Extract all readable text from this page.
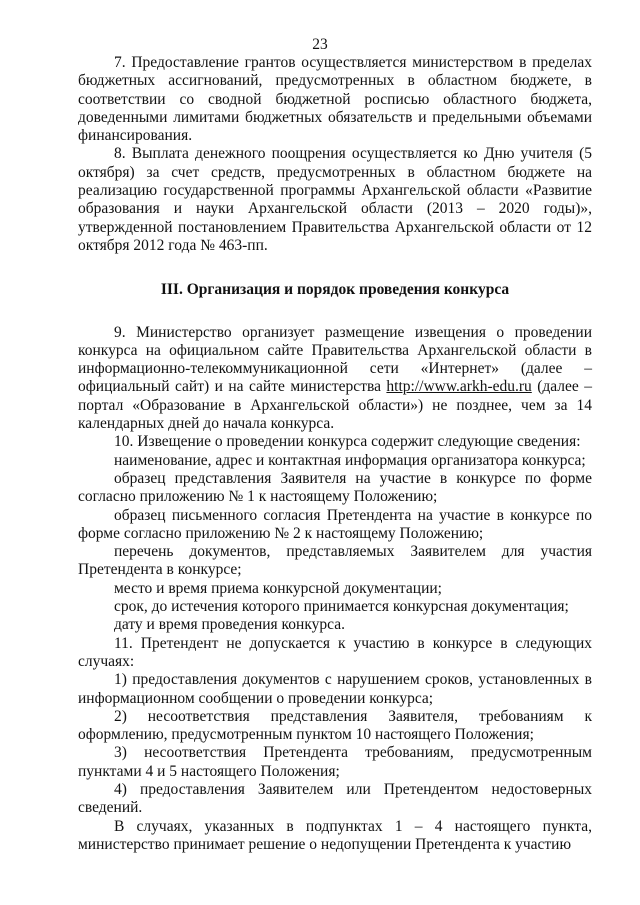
23

7. Предоставление грантов осуществляется министерством в пределах бюджетных ассигнований, предусмотренных в областном бюджете, в соответствии со сводной бюджетной росписью областного бюджета, доведенными лимитами бюджетных обязательств и предельными объемами финансирования.

8. Выплата денежного поощрения осуществляется ко Дню учителя (5 октября) за счет средств, предусмотренных в областном бюджете на реализацию государственной программы Архангельской области «Развитие образования и науки Архангельской области (2013 – 2020 годы)», утвержденной постановлением Правительства Архангельской области от 12 октября 2012 года № 463-пп.

III. Организация и порядок проведения конкурса

9. Министерство организует размещение извещения о проведении конкурса на официальном сайте Правительства Архангельской области в информационно-телекоммуникационной сети «Интернет» (далее – официальный сайт) и на сайте министерства http://www.arkh-edu.ru (далее – портал «Образование в Архангельской области») не позднее, чем за 14 календарных дней до начала конкурса.

10. Извещение о проведении конкурса содержит следующие сведения:

наименование, адрес и контактная информация организатора конкурса;

образец представления Заявителя на участие в конкурсе по форме согласно приложению № 1 к настоящему Положению;

образец письменного согласия Претендента на участие в конкурсе по форме согласно приложению № 2 к настоящему Положению;

перечень документов, представляемых Заявителем для участия Претендента в конкурсе;

место и время приема конкурсной документации;

срок, до истечения которого принимается конкурсная документация;

дату и время проведения конкурса.

11. Претендент не допускается к участию в конкурсе в следующих случаях:

1) предоставления документов с нарушением сроков, установленных в информационном сообщении о проведении конкурса;

2) несоответствия представления Заявителя, требованиям к оформлению, предусмотренным пунктом 10 настоящего Положения;

3) несоответствия Претендента требованиям, предусмотренным пунктами 4 и 5 настоящего Положения;

4) предоставления Заявителем или Претендентом недостоверных сведений.

В случаях, указанных в подпунктах 1 – 4 настоящего пункта, министерство принимает решение о недопущении Претендента к участию
